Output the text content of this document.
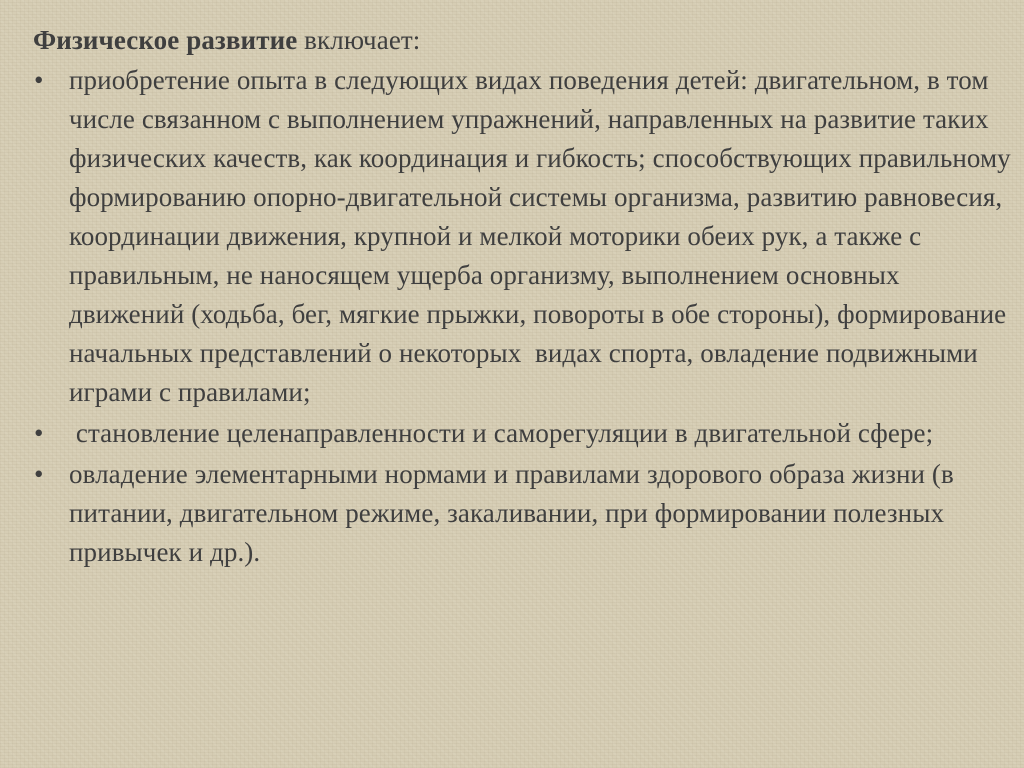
Физическое развитие включает:

• приобретение опыта в следующих видах поведения детей: двигательном, в том числе связанном с выполнением упражнений, направленных на развитие таких физических качеств, как координация и гибкость; способствующих правильному формированию опорно-двигательной системы организма, развитию равновесия, координации движения, крупной и мелкой моторики обеих рук, а также с правильным, не наносящем ущерба организму, выполнением основных движений (ходьба, бег, мягкие прыжки, повороты в обе стороны), формирование начальных представлений о некоторых  видах спорта, овладение подвижными играми с правилами;
• становление целенаправленности и саморегуляции в двигательной сфере;
• овладение элементарными нормами и правилами здорового образа жизни (в питании, двигательном режиме, закаливании, при формировании полезных привычек и др.).
